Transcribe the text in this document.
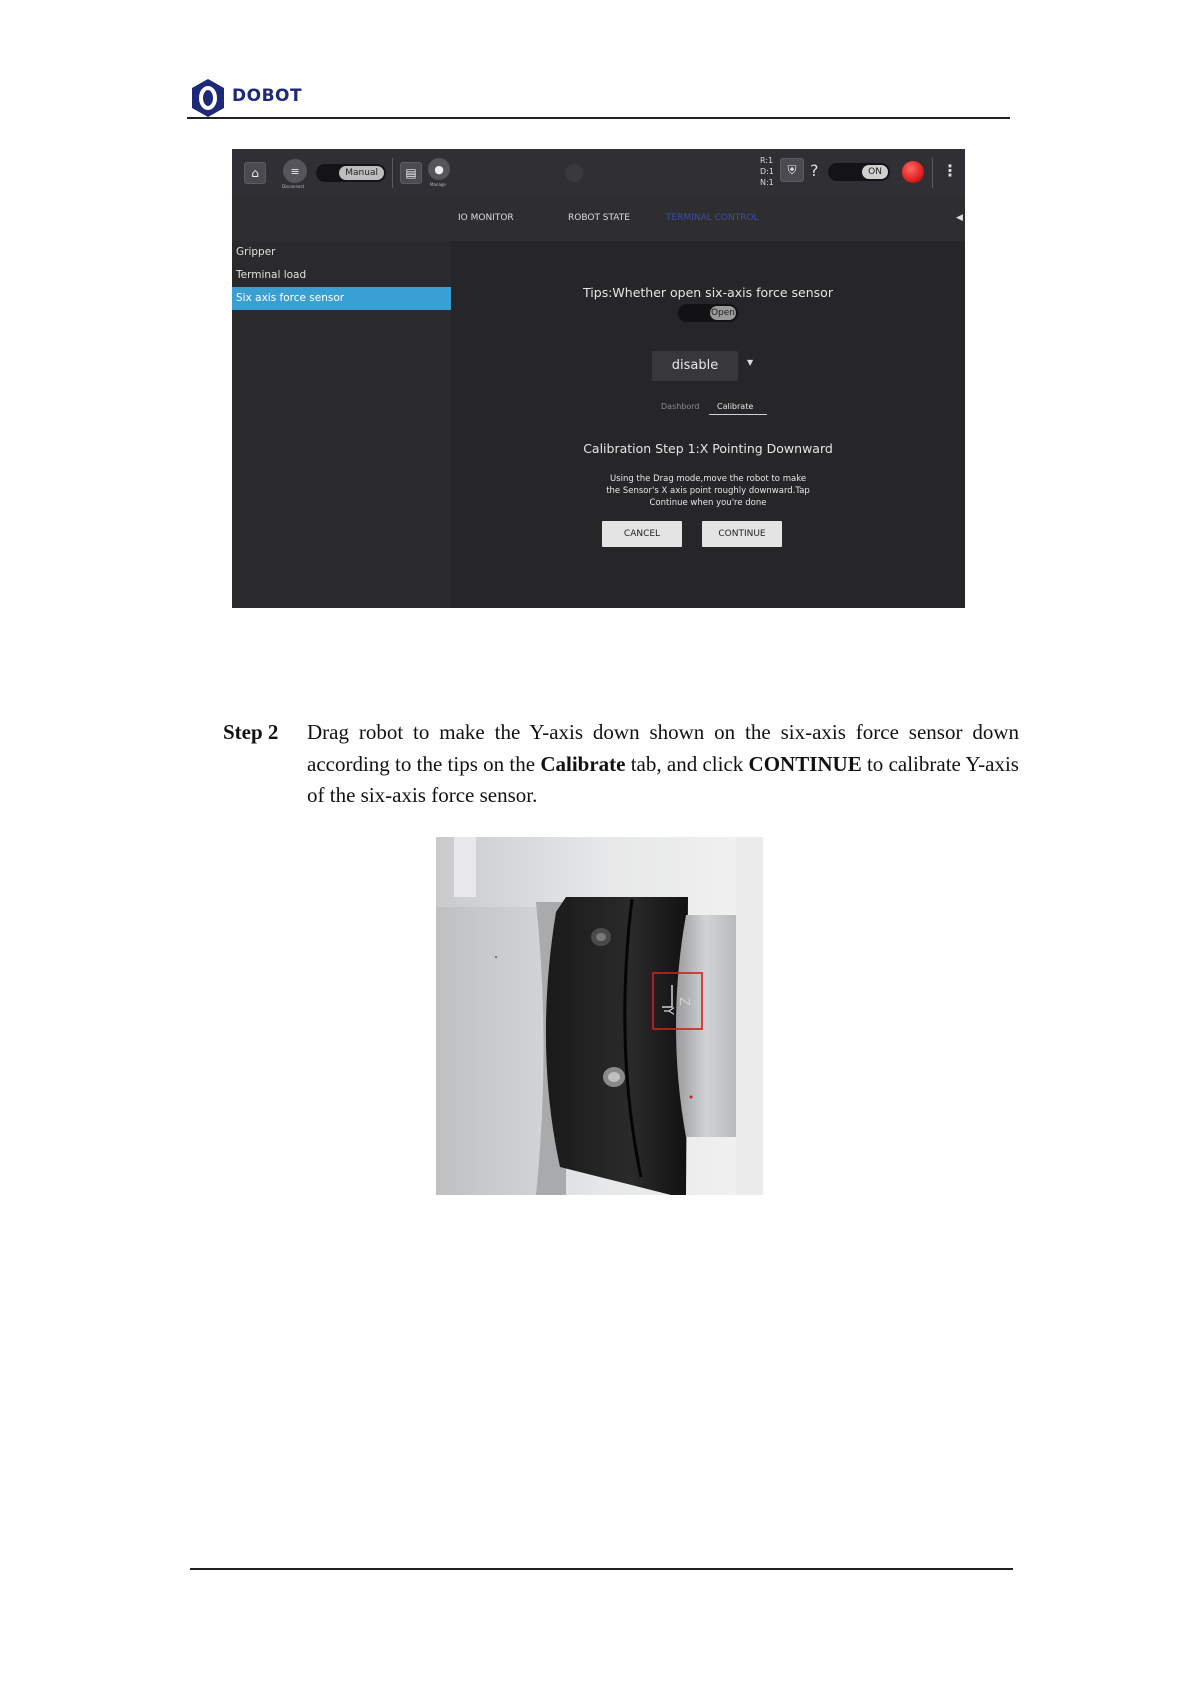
DOBOT
⌂	≡
Disconnect
Manual	▤	●
Manage
R:1
D:1
N:1
⛨ ?	ON	⋮
IO MONITOR	ROBOT STATE	TERMINAL CONTROL	◀
Gripper
Terminal load
Six axis force sensor	Tips:Whether open six-axis force sensor
Open
disable	▼
Dashbord Calibrate
Calibration Step 1:X Pointing Downward
Using the Drag mode,move the robot to make
the Sensor's X axis point roughly downward.Tap
Continue when you're done
CANCEL	CONTINUE
Step 2 Drag robot to make the Y-axis down shown on the six-axis force sensor down according to the tips on the Calibrate tab, and click CONTINUE to calibrate Y-axis of the six-axis force sensor.
Z
Y
